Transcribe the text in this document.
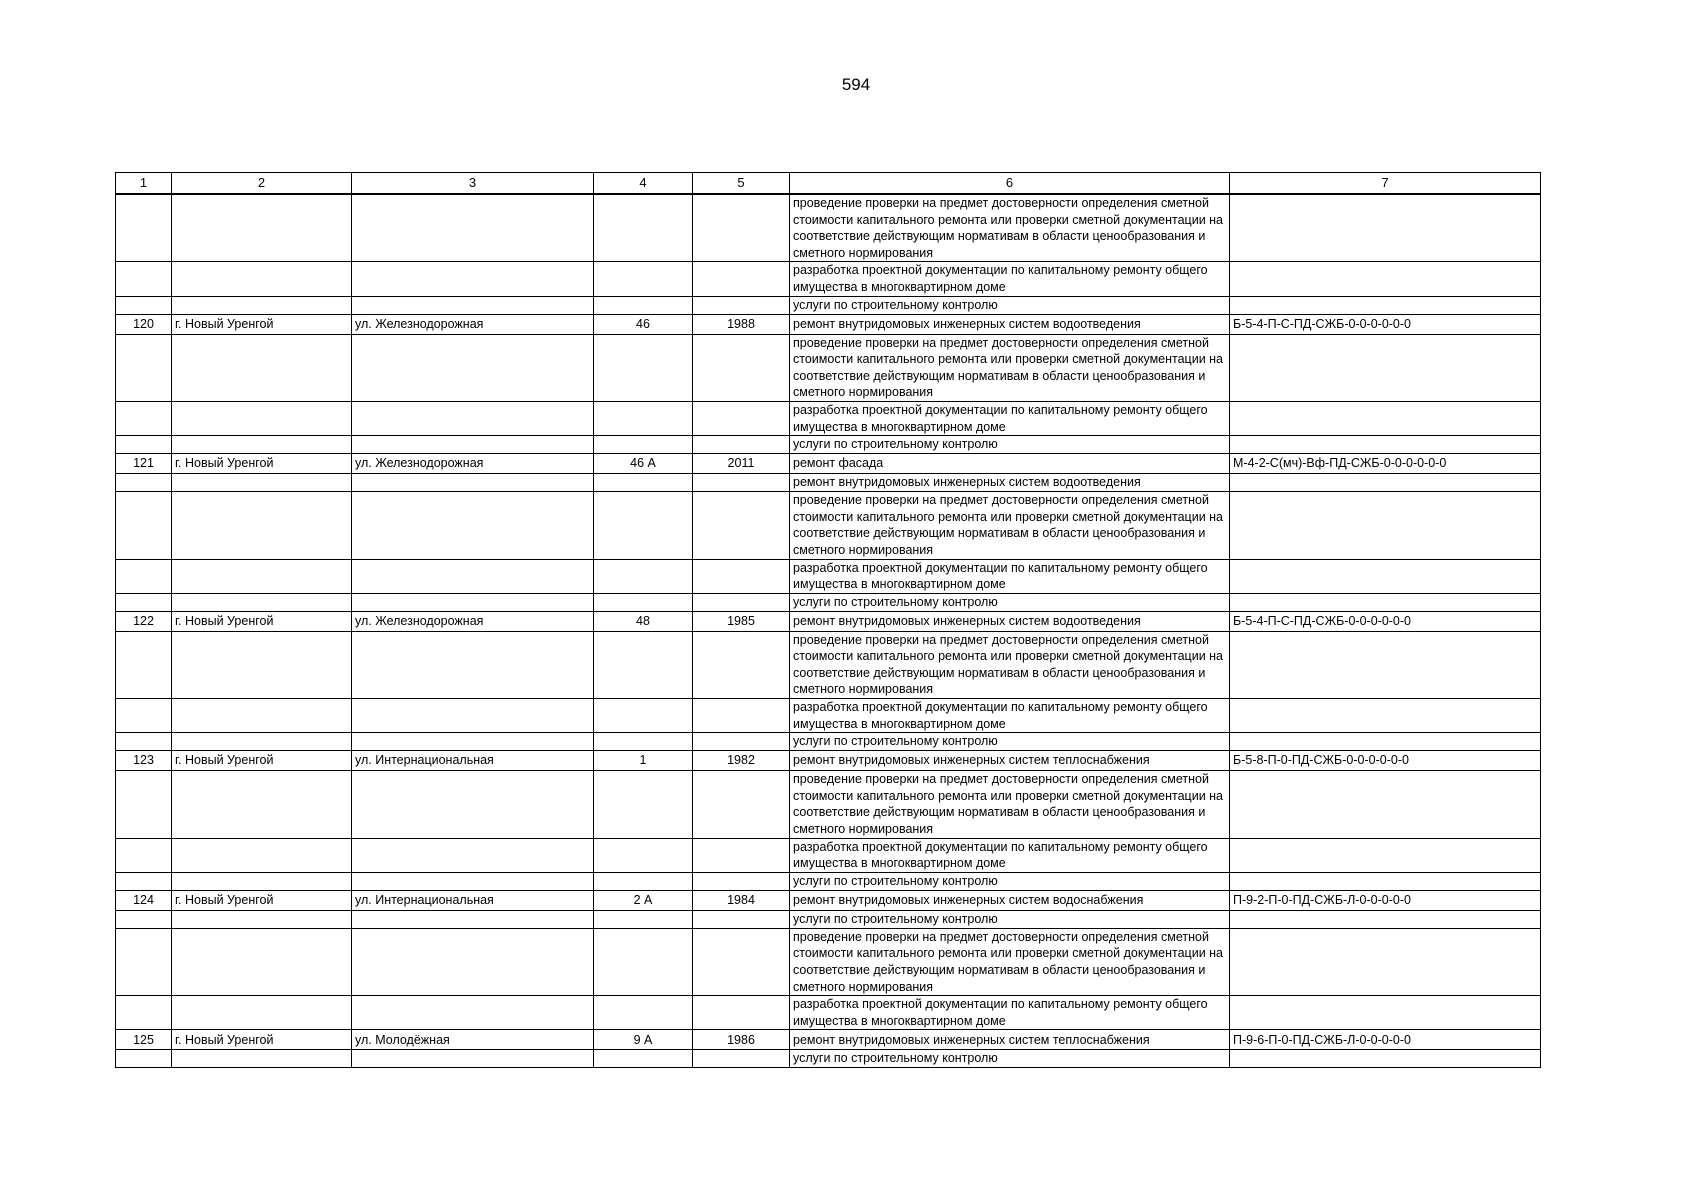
594
1	2	3	4	5	6	7
					проведение проверки на предмет достоверности определения сметной стоимости капитального ремонта или проверки сметной документации на соответствие действующим нормативам в области ценообразования и сметного нормирования	
					разработка проектной документации по капитальному ремонту общего имущества в многоквартирном доме	
					услуги по строительному контролю	
120	г. Новый Уренгой	ул. Железнодорожная	46	1988	ремонт внутридомовых инженерных систем водоотведения	Б-5-4-П-С-ПД-СЖБ-0-0-0-0-0-0
					проведение проверки на предмет достоверности определения сметной стоимости капитального ремонта или проверки сметной документации на соответствие действующим нормативам в области ценообразования и сметного нормирования	
					разработка проектной документации по капитальному ремонту общего имущества в многоквартирном доме	
					услуги по строительному контролю	
121	г. Новый Уренгой	ул. Железнодорожная	46 А	2011	ремонт фасада	М-4-2-С(мч)-Вф-ПД-СЖБ-0-0-0-0-0-0
					ремонт внутридомовых инженерных систем водоотведения	
					проведение проверки на предмет достоверности определения сметной стоимости капитального ремонта или проверки сметной документации на соответствие действующим нормативам в области ценообразования и сметного нормирования	
					разработка проектной документации по капитальному ремонту общего имущества в многоквартирном доме	
					услуги по строительному контролю	
122	г. Новый Уренгой	ул. Железнодорожная	48	1985	ремонт внутридомовых инженерных систем водоотведения	Б-5-4-П-С-ПД-СЖБ-0-0-0-0-0-0
					проведение проверки на предмет достоверности определения сметной стоимости капитального ремонта или проверки сметной документации на соответствие действующим нормативам в области ценообразования и сметного нормирования	
					разработка проектной документации по капитальному ремонту общего имущества в многоквартирном доме	
					услуги по строительному контролю	
123	г. Новый Уренгой	ул. Интернациональная	1	1982	ремонт внутридомовых инженерных систем теплоснабжения	Б-5-8-П-0-ПД-СЖБ-0-0-0-0-0-0
					проведение проверки на предмет достоверности определения сметной стоимости капитального ремонта или проверки сметной документации на соответствие действующим нормативам в области ценообразования и сметного нормирования	
					разработка проектной документации по капитальному ремонту общего имущества в многоквартирном доме	
					услуги по строительному контролю	
124	г. Новый Уренгой	ул. Интернациональная	2 А	1984	ремонт внутридомовых инженерных систем водоснабжения	П-9-2-П-0-ПД-СЖБ-Л-0-0-0-0-0
					услуги по строительному контролю	
					проведение проверки на предмет достоверности определения сметной стоимости капитального ремонта или проверки сметной документации на соответствие действующим нормативам в области ценообразования и сметного нормирования	
					разработка проектной документации по капитальному ремонту общего имущества в многоквартирном доме	
125	г. Новый Уренгой	ул. Молодёжная	9 А	1986	ремонт внутридомовых инженерных систем теплоснабжения	П-9-6-П-0-ПД-СЖБ-Л-0-0-0-0-0
					услуги по строительному контролю	
